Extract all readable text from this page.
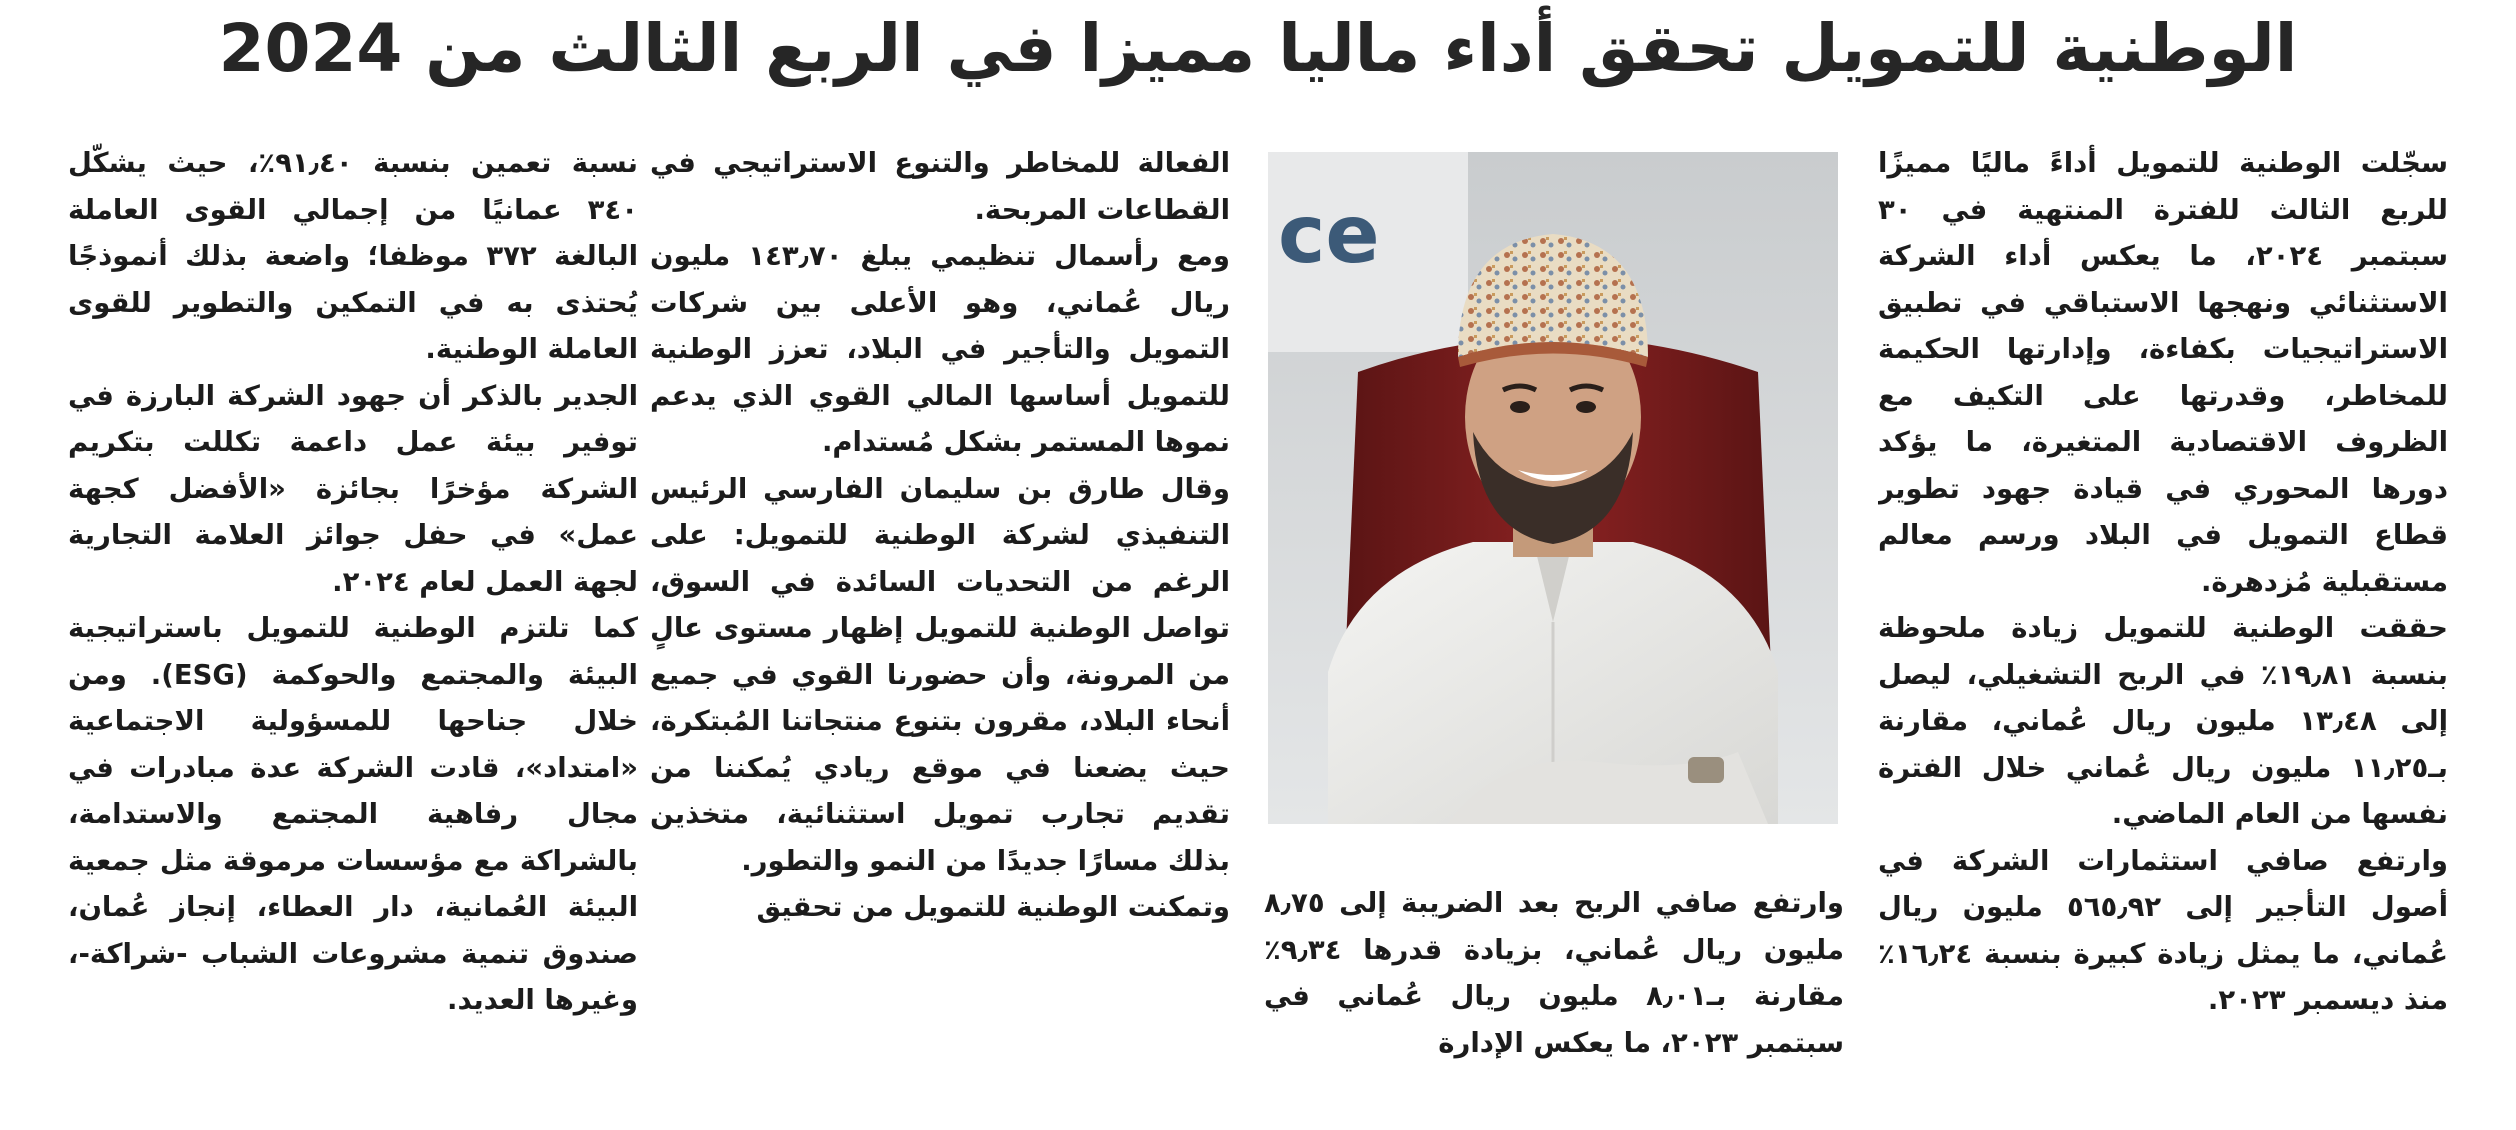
الوطنية للتمويل تحقق أداء ماليا مميزا في الربع الثالث من 2024

سجّلت الوطنية للتمويل أداءً ماليًا مميزًا للربع الثالث للفترة المنتهية في ٣٠ سبتمبر ٢٠٢٤، ما يعكس أداء الشركة الاستثنائي ونهجها الاستباقي في تطبيق الاستراتيجيات بكفاءة، وإدارتها الحكيمة للمخاطر، وقدرتها على التكيف مع الظروف الاقتصادية المتغيرة، ما يؤكد دورها المحوري في قيادة جهود تطوير قطاع التمويل في البلاد ورسم معالم مستقبلية مُزدهرة.

حققت الوطنية للتمويل زيادة ملحوظة بنسبة ١٩٫٨١٪ في الربح التشغيلي، ليصل إلى ١٣٫٤٨ مليون ريال عُماني، مقارنة بـ١١٫٢٥ مليون ريال عُماني خلال الفترة نفسها من العام الماضي.

وارتفع صافي استثمارات الشركة في أصول التأجير إلى ٥٦٥٫٩٢ مليون ريال عُماني، ما يمثل زيادة كبيرة بنسبة ١٦٫٢٤٪ منذ ديسمبر ٢٠٢٣.

ce

وارتفع صافي الربح بعد الضريبة إلى ٨٫٧٥ مليون ريال عُماني، بزيادة قدرها ٩٫٣٤٪ مقارنة بـ٨٫٠١ مليون ريال عُماني في سبتمبر ٢٠٢٣، ما يعكس الإدارة

الفعالة للمخاطر والتنوع الاستراتيجي في القطاعات المربحة.

ومع رأسمال تنظيمي يبلغ ١٤٣٫٧٠ مليون ريال عُماني، وهو الأعلى بين شركات التمويل والتأجير في البلاد، تعزز الوطنية للتمويل أساسها المالي القوي الذي يدعم نموها المستمر بشكل مُستدام.

وقال طارق بن سليمان الفارسي الرئيس التنفيذي لشركة الوطنية للتمويل: على الرغم من التحديات السائدة في السوق، تواصل الوطنية للتمويل إظهار مستوى عالٍ من المرونة، وأن حضورنا القوي في جميع أنحاء البلاد، مقرون بتنوع منتجاتنا المُبتكرة، حيث يضعنا في موقع ريادي يُمكننا من تقديم تجارب تمويل استثنائية، متخذين بذلك مسارًا جديدًا من النمو والتطور.

وتمكنت الوطنية للتمويل من تحقيق

نسبة تعمين بنسبة ٩١٫٤٠٪، حيث يشكّل ٣٤٠ عمانيًا من إجمالي القوى العاملة البالغة ٣٧٢ موظفا؛ واضعة بذلك أنموذجًا يُحتذى به في التمكين والتطوير للقوى العاملة الوطنية.

الجدير بالذكر أن جهود الشركة البارزة في توفير بيئة عمل داعمة تكللت بتكريم الشركة مؤخرًا بجائزة «الأفضل كجهة عمل» في حفل جوائز العلامة التجارية لجهة العمل لعام ٢٠٢٤.

كما تلتزم الوطنية للتمويل باستراتيجية البيئة والمجتمع والحوكمة (ESG). ومن خلال جناحها للمسؤولية الاجتماعية «امتداد»، قادت الشركة عدة مبادرات في مجال رفاهية المجتمع والاستدامة، بالشراكة مع مؤسسات مرموقة مثل جمعية البيئة العُمانية، دار العطاء، إنجاز عُمان، صندوق تنمية مشروعات الشباب -شراكة-، وغيرها العديد.
